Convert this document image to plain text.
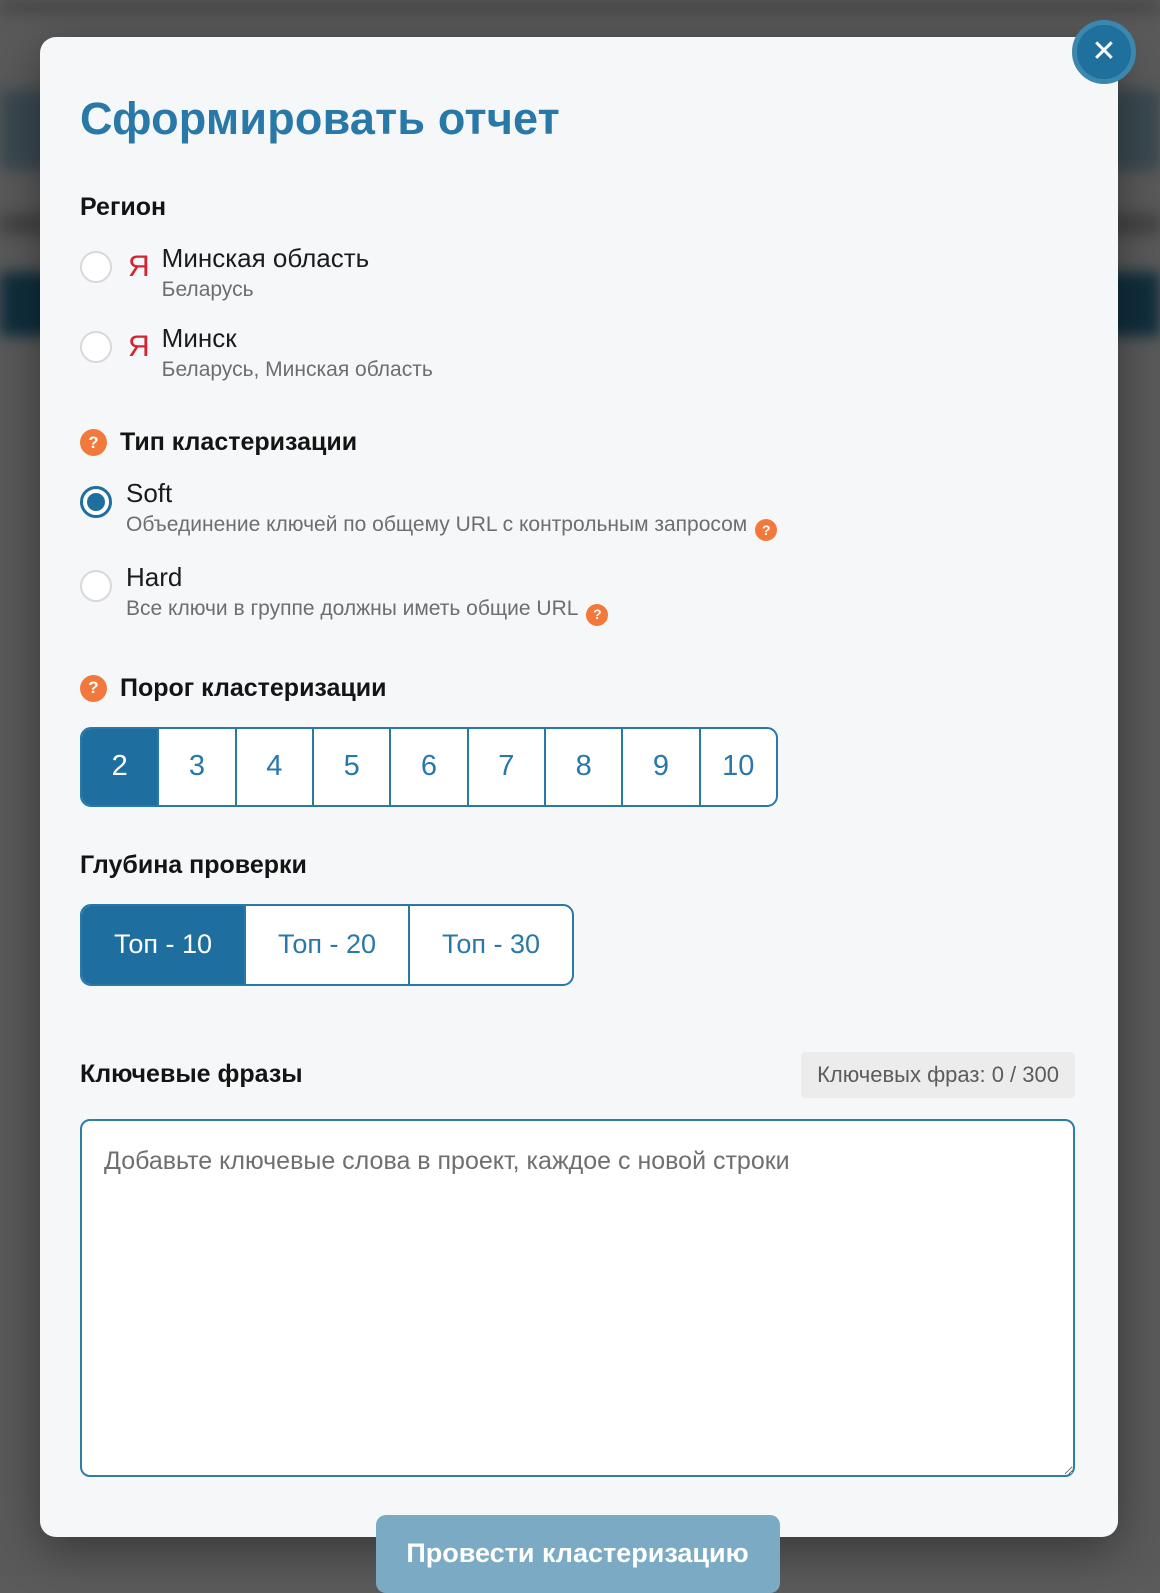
Сформировать отчет
Регион
Я Минская область
Беларусь
Я Минск
Беларусь, Минская область
? Тип кластеризации
Soft
Объединение ключей по общему URL с контрольным запросом ?
Hard
Все ключи в группе должны иметь общие URL ?
? Порог кластеризации
2	3	4	5	6	7	8	9	10
Глубина проверки
Топ - 10	Топ - 20	Топ - 30
Ключевые фразы	Ключевых фраз: 0 / 300
Добавьте ключевые слова в проект, каждое с новой строки
Провести кластеризацию
✕
